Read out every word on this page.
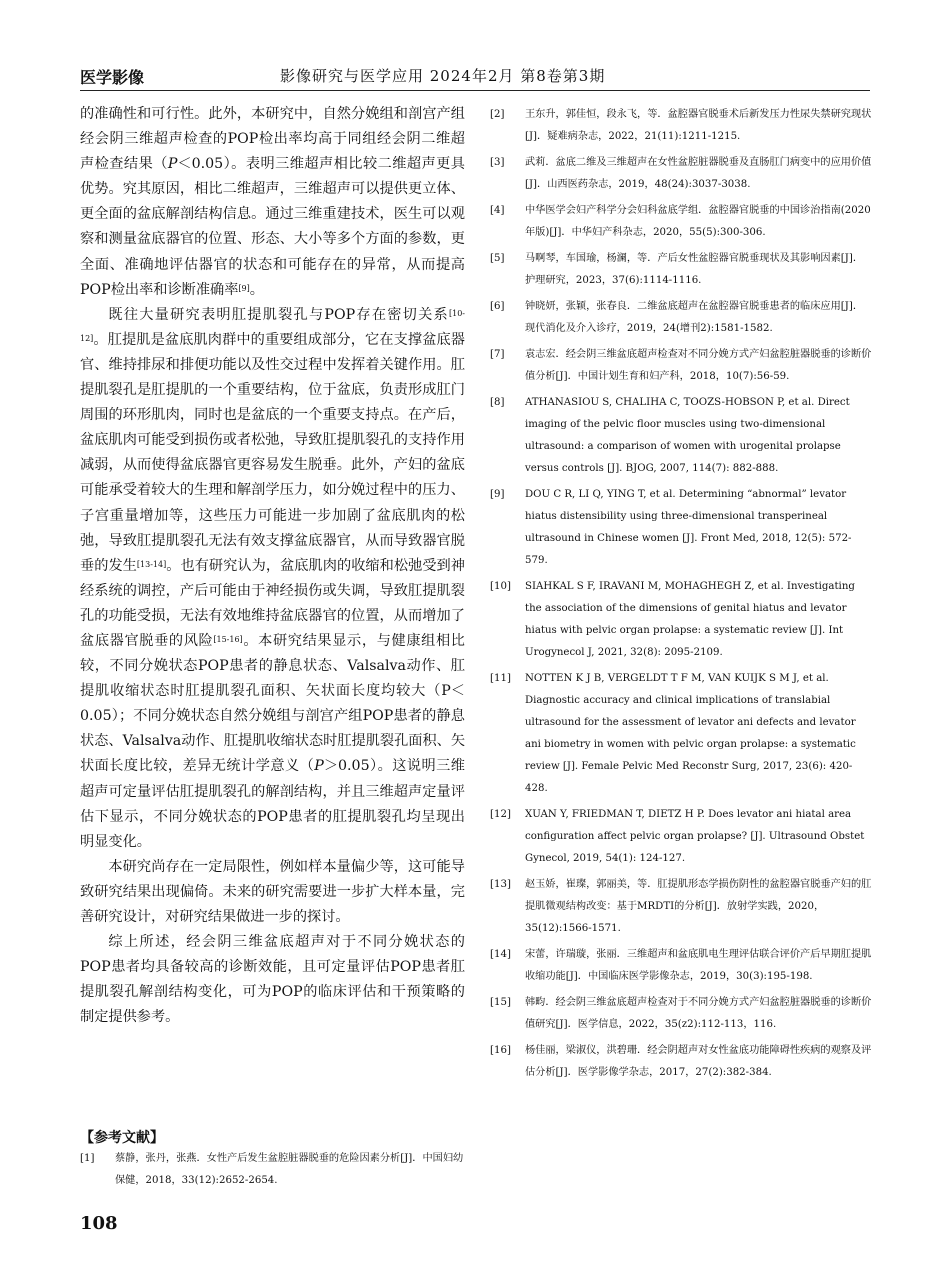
医学影像	影像研究与医学应用 2024年2月 第8卷第3期

的准确性和可行性。此外，本研究中，自然分娩组和剖宫产组经会阴三维超声检查的POP检出率均高于同组经会阴二维超声检查结果（P＜0.05）。表明三维超声相比较二维超声更具优势。究其原因，相比二维超声，三维超声可以提供更立体、更全面的盆底解剖结构信息。通过三维重建技术，医生可以观察和测量盆底器官的位置、形态、大小等多个方面的参数，更全面、准确地评估器官的状态和可能存在的异常，从而提高POP检出率和诊断准确率[9]。

既往大量研究表明肛提肌裂孔与POP存在密切关系[10-12]。肛提肌是盆底肌肉群中的重要组成部分，它在支撑盆底器官、维持排尿和排便功能以及性交过程中发挥着关键作用。肛提肌裂孔是肛提肌的一个重要结构，位于盆底，负责形成肛门周围的环形肌肉，同时也是盆底的一个重要支持点。在产后，盆底肌肉可能受到损伤或者松弛，导致肛提肌裂孔的支持作用减弱，从而使得盆底器官更容易发生脱垂。此外，产妇的盆底可能承受着较大的生理和解剖学压力，如分娩过程中的压力、子宫重量增加等，这些压力可能进一步加剧了盆底肌肉的松弛，导致肛提肌裂孔无法有效支撑盆底器官，从而导致器官脱垂的发生[13-14]。也有研究认为，盆底肌肉的收缩和松弛受到神经系统的调控，产后可能由于神经损伤或失调，导致肛提肌裂孔的功能受损，无法有效地维持盆底器官的位置，从而增加了盆底器官脱垂的风险[15-16]。本研究结果显示，与健康组相比较，不同分娩状态POP患者的静息状态、Valsalva动作、肛提肌收缩状态时肛提肌裂孔面积、矢状面长度均较大（P＜0.05）；不同分娩状态自然分娩组与剖宫产组POP患者的静息状态、Valsalva动作、肛提肌收缩状态时肛提肌裂孔面积、矢状面长度比较，差异无统计学意义（P＞0.05）。这说明三维超声可定量评估肛提肌裂孔的解剖结构，并且三维超声定量评估下显示，不同分娩状态的POP患者的肛提肌裂孔均呈现出明显变化。

本研究尚存在一定局限性，例如样本量偏少等，这可能导致研究结果出现偏倚。未来的研究需要进一步扩大样本量，完善研究设计，对研究结果做进一步的探讨。

综上所述，经会阴三维盆底超声对于不同分娩状态的POP患者均具备较高的诊断效能，且可定量评估POP患者肛提肌裂孔解剖结构变化，可为POP的临床评估和干预策略的制定提供参考。

【参考文献】

[1] 蔡静，张丹，张燕．女性产后发生盆腔脏器脱垂的危险因素分析[J]．中国妇幼保健，2018，33(12):2652-2654.

[2] 王东升，郭佳恒，段永飞，等．盆腔器官脱垂术后新发压力性尿失禁研究现状[J]．疑难病杂志，2022，21(11):1211-1215.

[3] 武莉．盆底二维及三维超声在女性盆腔脏器脱垂及直肠肛门病变中的应用价值[J]．山西医药杂志，2019，48(24):3037-3038.

[4] 中华医学会妇产科学分会妇科盆底学组．盆腔器官脱垂的中国诊治指南(2020年版)[J]．中华妇产科杂志，2020，55(5):300-306.

[5] 马啊琴，车国瑜，杨澜，等．产后女性盆腔器官脱垂现状及其影响因素[J]．护理研究，2023，37(6):1114-1116.

[6] 钟晓妍，张颖，张春良．二维盆底超声在盆腔器官脱垂患者的临床应用[J]．现代消化及介入诊疗，2019，24(增刊2):1581-1582.

[7] 袁志宏．经会阴三维盆底超声检查对不同分娩方式产妇盆腔脏器脱垂的诊断价值分析[J]．中国计划生育和妇产科，2018，10(7):56-59.

[8] ATHANASIOU S, CHALIHA C, TOOZS-HOBSON P, et al. Direct imaging of the pelvic floor muscles using two-dimensional ultrasound: a comparison of women with urogenital prolapse versus controls [J]. BJOG, 2007, 114(7): 882-888.

[9] DOU C R, LI Q, YING T, et al. Determining “abnormal” levator hiatus distensibility using three-dimensional transperineal ultrasound in Chinese women [J]. Front Med, 2018, 12(5): 572-579.

[10] SIAHKAL S F, IRAVANI M, MOHAGHEGH Z, et al. Investigating the association of the dimensions of genital hiatus and levator hiatus with pelvic organ prolapse: a systematic review [J]. Int Urogynecol J, 2021, 32(8): 2095-2109.

[11] NOTTEN K J B, VERGELDT T F M, VAN KUIJK S M J, et al. Diagnostic accuracy and clinical implications of translabial ultrasound for the assessment of levator ani defects and levator ani biometry in women with pelvic organ prolapse: a systematic review [J]. Female Pelvic Med Reconstr Surg, 2017, 23(6): 420-428.

[12] XUAN Y, FRIEDMAN T, DIETZ H P. Does levator ani hiatal area configuration affect pelvic organ prolapse? [J]. Ultrasound Obstet Gynecol, 2019, 54(1): 124-127.

[13] 赵玉娇，崔璨，郭丽美，等．肛提肌形态学损伤阴性的盆腔器官脱垂产妇的肛提肌微观结构改变：基于MRDTI的分析[J]．放射学实践，2020，35(12):1566-1571.

[14] 宋蕾，许瑞璇，张丽．三维超声和盆底肌电生理评估联合评价产后早期肛提肌收缩功能[J]．中国临床医学影像杂志，2019，30(3):195-198.

[15] 韩畇．经会阴三维盆底超声检查对于不同分娩方式产妇盆腔脏器脱垂的诊断价值研究[J]．医学信息，2022，35(z2):112-113，116.

[16] 杨佳丽，梁淑仪，洪碧珊．经会阴超声对女性盆底功能障碍性疾病的观察及评估分析[J]．医学影像学杂志，2017，27(2):382-384.

108
